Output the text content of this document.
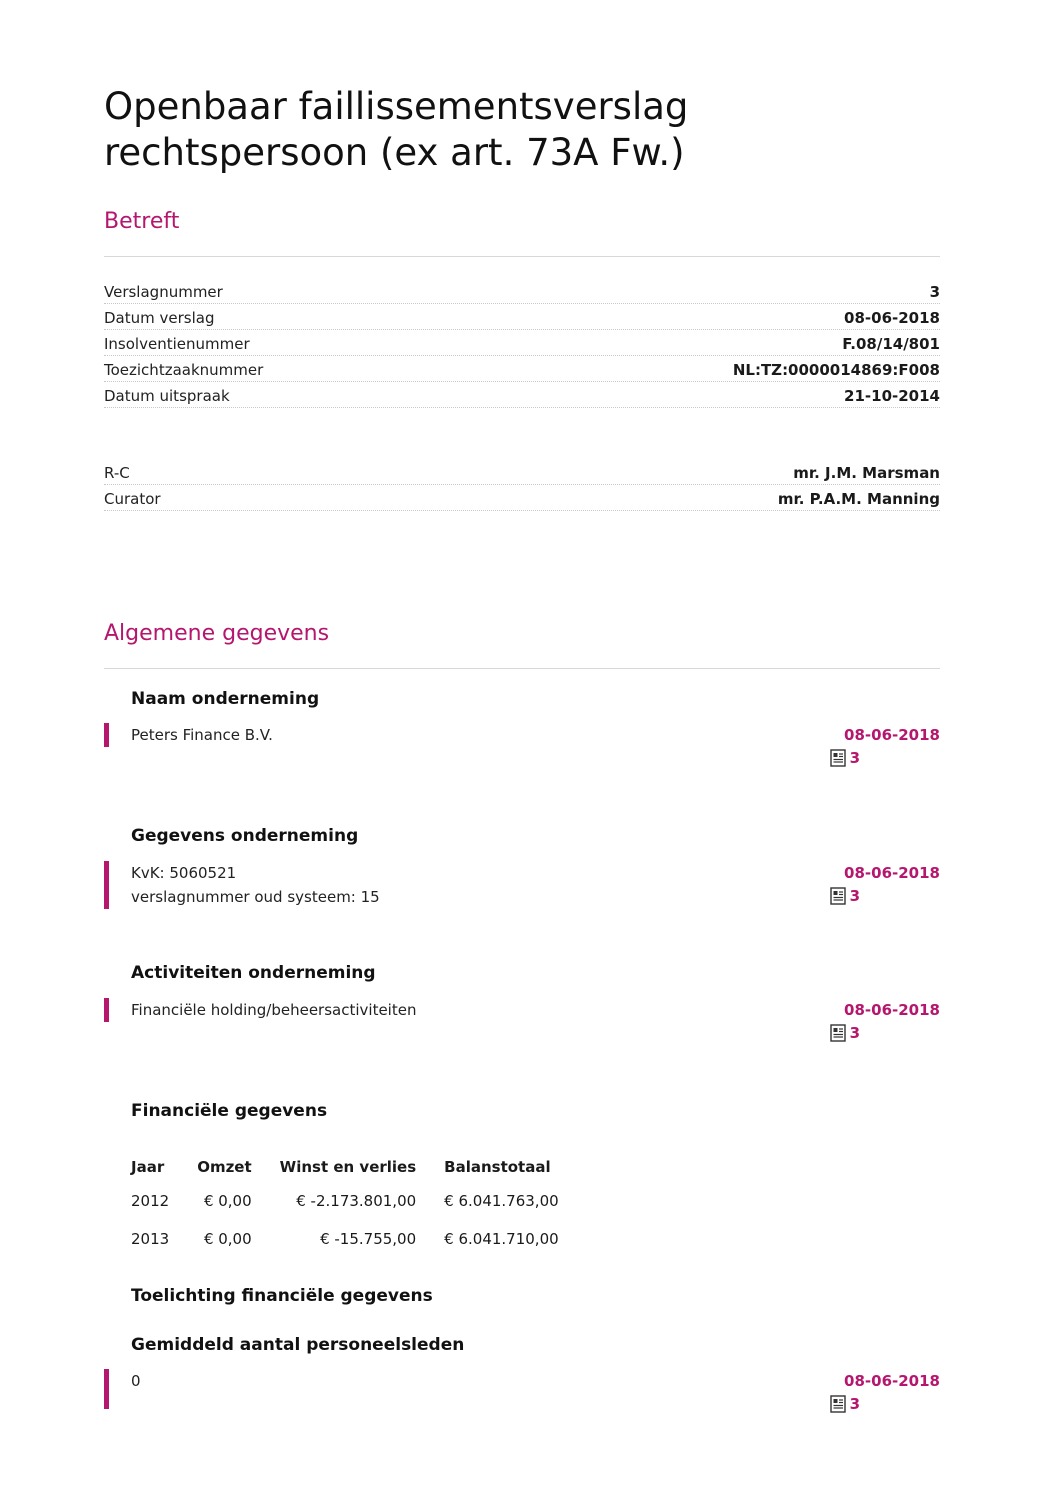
Openbaar faillissementsverslag rechtspersoon (ex art. 73A Fw.)
Betreft
Verslagnummer	3
Datum verslag	08-06-2018
Insolventienummer	F.08/14/801
Toezichtzaaknummer	NL:TZ:0000014869:F008
Datum uitspraak	21-10-2014
R-C	mr. J.M. Marsman
Curator	mr. P.A.M. Manning
Algemene gegevens
Naam onderneming
Peters Finance B.V.	08-06-2018
3
Gegevens onderneming
KvK: 5060521
verslagnummer oud systeem: 15
08-06-2018
3
Activiteiten onderneming
Financiële holding/beheersactiviteiten	08-06-2018
3
Financiële gegevens
Jaar	Omzet	Winst en verlies	Balanstotaal
2012	€ 0,00	€ -2.173.801,00	€ 6.041.763,00
2013	€ 0,00	€ -15.755,00	€ 6.041.710,00
Toelichting financiële gegevens
Gemiddeld aantal personeelsleden
0	08-06-2018
3
